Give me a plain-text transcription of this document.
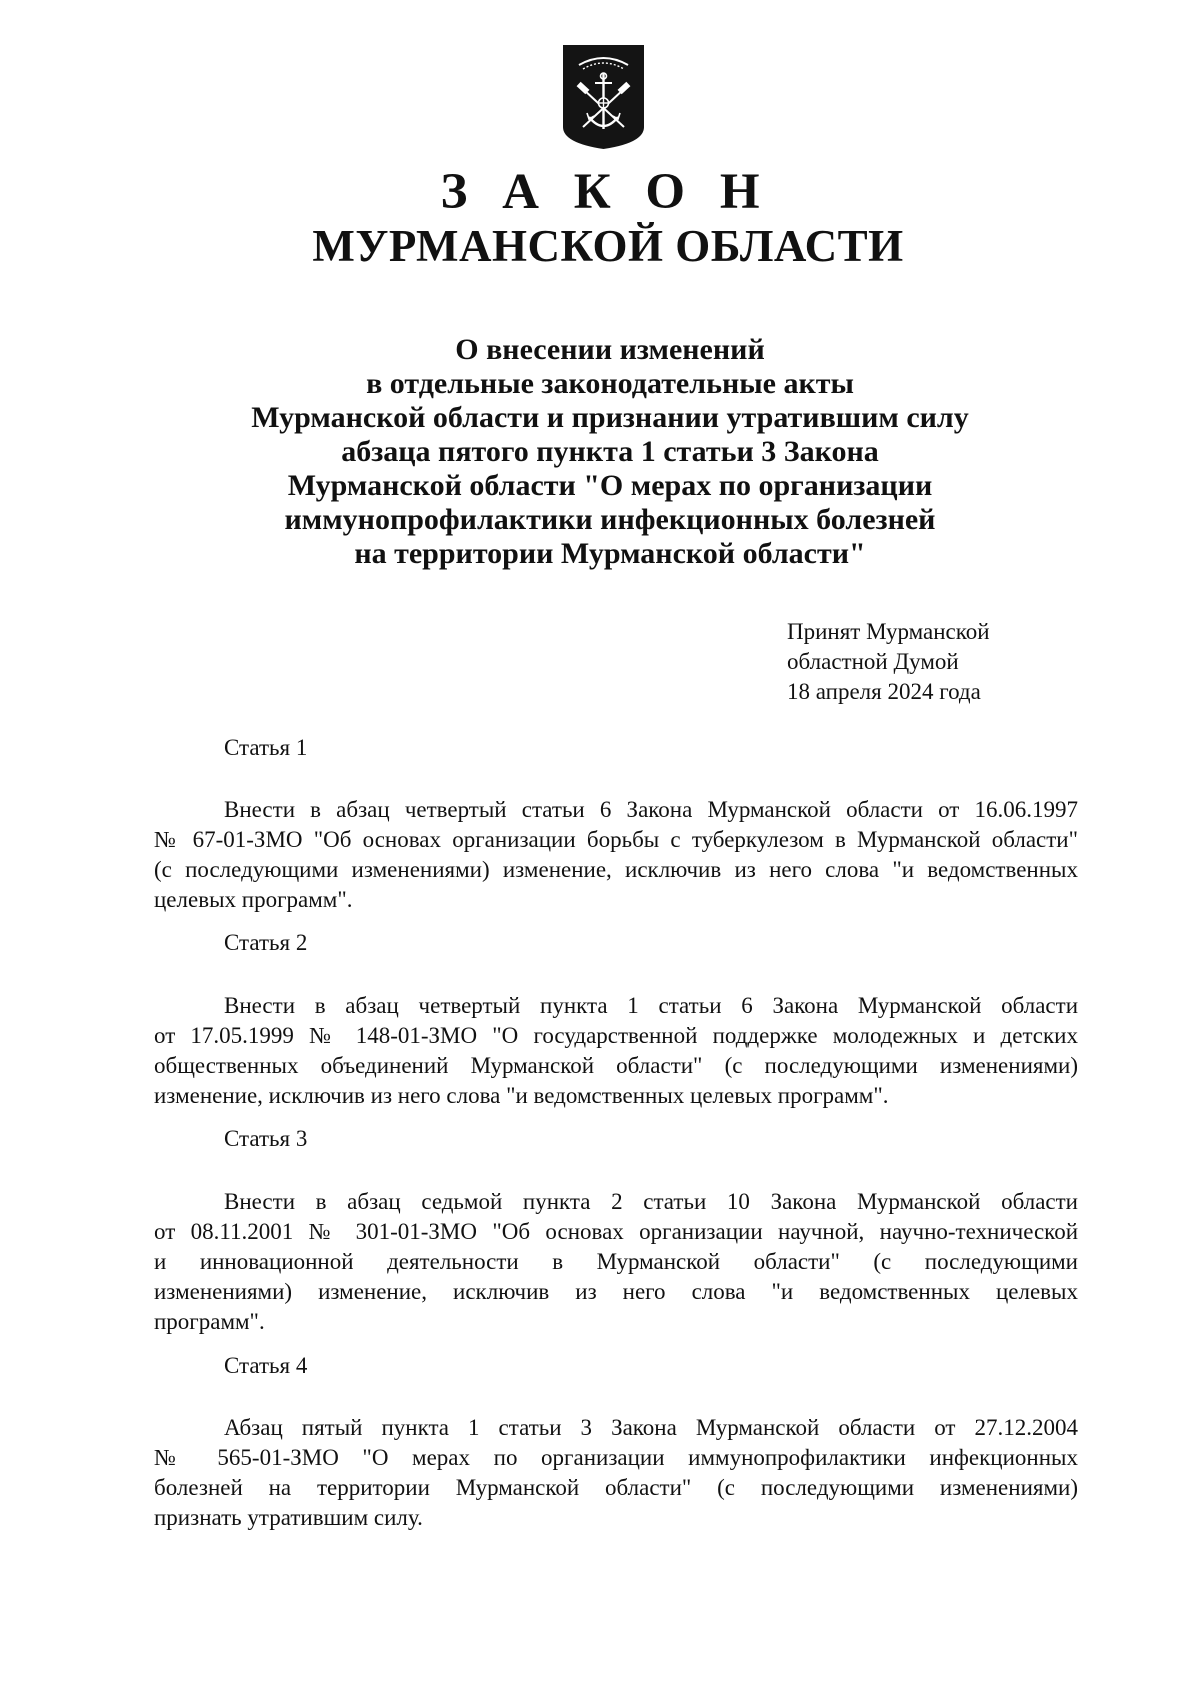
З А К О Н
МУРМАНСКОЙ ОБЛАСТИ
О внесении изменений
в отдельные законодательные акты
Мурманской области и признании утратившим силу
абзаца пятого пункта 1 статьи 3 Закона
Мурманской области "О мерах по организации
иммунопрофилактики инфекционных болезней
на территории Мурманской области"
Принят Мурманской
областной Думой
18 апреля 2024 года
Статья 1
Внести в абзац четвертый статьи 6 Закона Мурманской области от 16.06.1997
№ 67-01-ЗМО "Об основах организации борьбы с туберкулезом в Мурманской области"
(с последующими изменениями) изменение, исключив из него слова "и ведомственных
целевых программ".
Статья 2
Внести в абзац четвертый пункта 1 статьи 6 Закона Мурманской области
от 17.05.1999 № 148-01-ЗМО "О государственной поддержке молодежных и детских
общественных объединений Мурманской области" (с последующими изменениями)
изменение, исключив из него слова "и ведомственных целевых программ".
Статья 3
Внести в абзац седьмой пункта 2 статьи 10 Закона Мурманской области
от 08.11.2001 № 301-01-ЗМО "Об основах организации научной, научно-технической
и инновационной деятельности в Мурманской области" (с последующими
изменениями) изменение, исключив из него слова "и ведомственных целевых
программ".
Статья 4
Абзац пятый пункта 1 статьи 3 Закона Мурманской области от 27.12.2004
№ 565-01-ЗМО "О мерах по организации иммунопрофилактики инфекционных
болезней на территории Мурманской области" (с последующими изменениями)
признать утратившим силу.
